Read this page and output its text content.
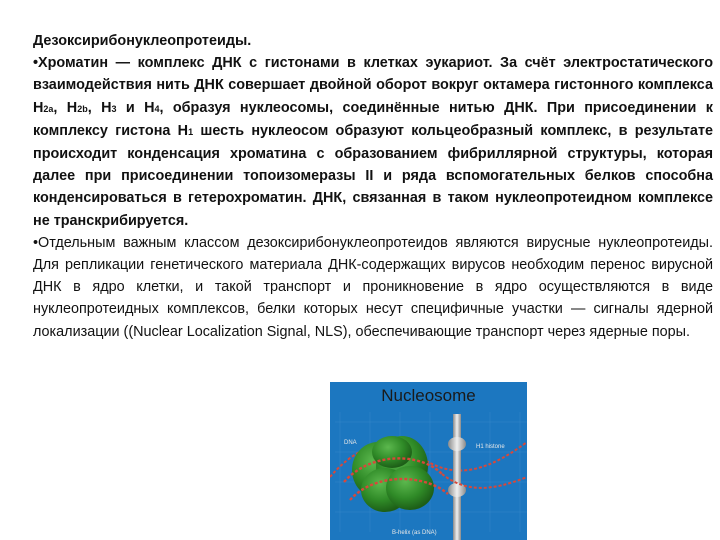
Дезоксирибонуклеопротеиды.

•Хроматин — комплекс ДНК с гистонами в клетках эукариот. За счёт электростатического взаимодействия нить ДНК совершает двойной оборот вокруг октамера гистонного комплекса H2a, H2b, H3 и H4, образуя нуклеосомы, соединённые нитью ДНК. При присоединении к комплексу гистона H1 шесть нуклеосом образуют кольцеобразный комплекс, в результате происходит конденсация хроматина с образованием фибриллярной структуры, которая далее при присоединении топоизомеразы II и ряда вспомогательных белков способна конденсироваться в гетерохроматин. ДНК, связанная в таком нуклеопротеидном комплексе не транскрибируется.

•Отдельным важным классом дезоксирибонуклеопротеидов являются вирусные нуклеопротеиды. Для репликации генетического материала ДНК-содержащих вирусов необходим перенос вирусной ДНК в ядро клетки, и такой транспорт и проникновение в ядро осуществляются в виде нуклеопротеидных комплексов, белки которых несут специфичные участки — сигналы ядерной локализации ((Nuclear Localization Signal, NLS), обеспечивающие транспорт через ядерные поры.

Nucleosome
DNA
H1 histone
B-helix (as DNA)
